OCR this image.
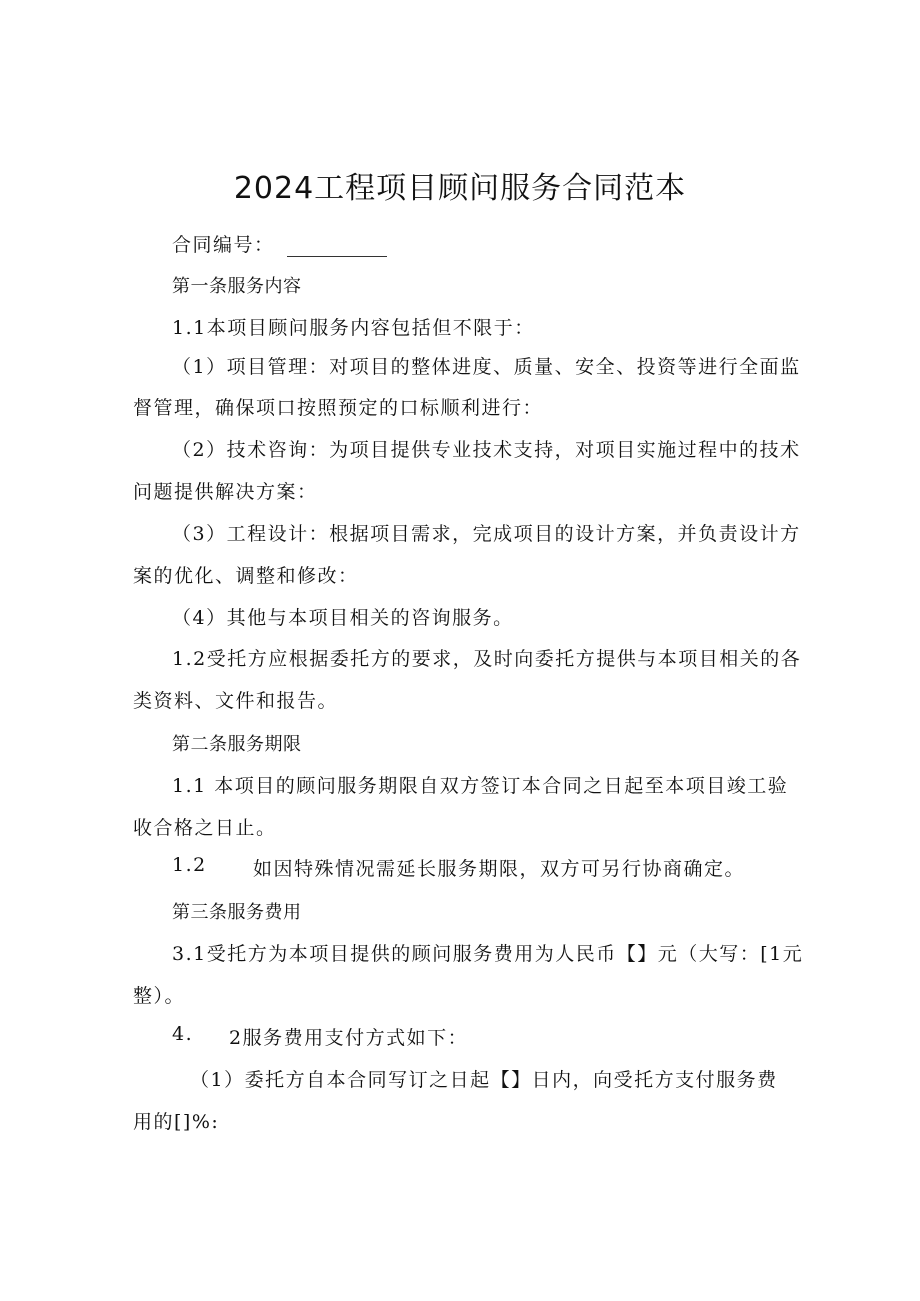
2024工程项目顾问服务合同范本
合同编号：
第一条服务内容
1.1本项目顾问服务内容包括但不限于：
（1）项目管理：对项目的整体进度、质量、安全、投资等进行全面监
督管理，确保项口按照预定的口标顺利进行：
（2）技术咨询：为项目提供专业技术支持，对项目实施过程中的技术
问题提供解决方案：
（3）工程设计：根据项目需求，完成项目的设计方案，并负责设计方
案的优化、调整和修改：
（4）其他与本项目相关的咨询服务。
1.2受托方应根据委托方的要求，及时向委托方提供与本项目相关的各
类资料、文件和报告。
第二条服务期限
1.1 本项目的顾问服务期限自双方签订本合同之日起至本项目竣工验
收合格之日止。
1.2 如因特殊情况需延长服务期限，双方可另行协商确定。
第三条服务费用
3.1受托方为本项目提供的顾问服务费用为人民币【】元（大写：[1元
整）。
4. 2服务费用支付方式如下：
（1）委托方自本合同写订之日起【】日内，向受托方支付服务费
用的[]%:
